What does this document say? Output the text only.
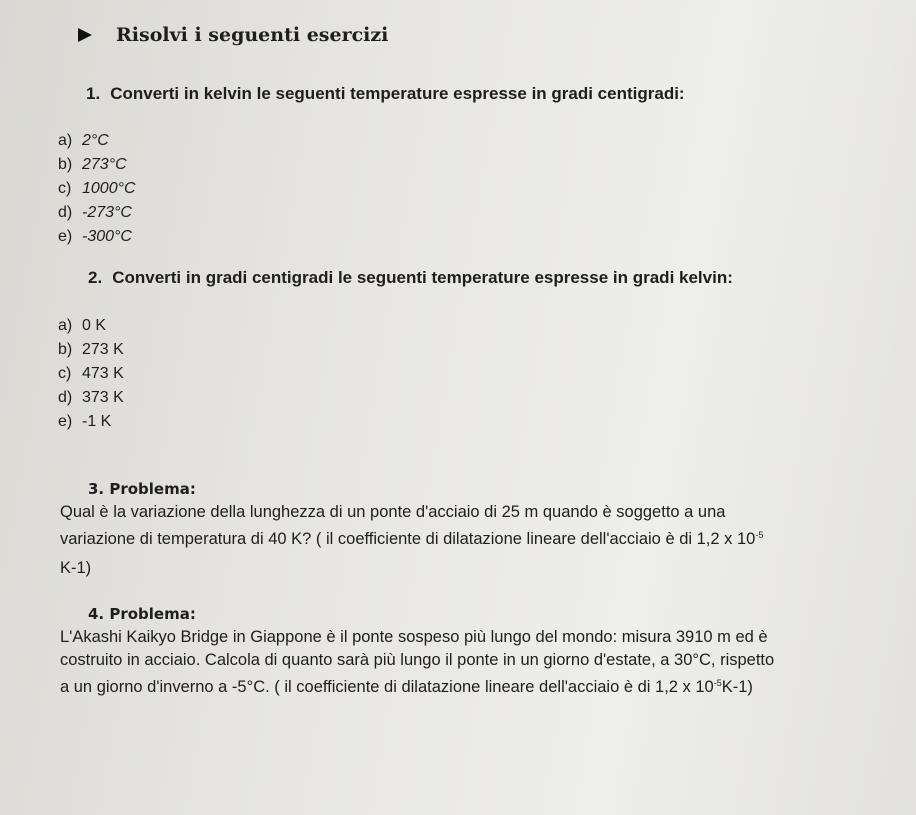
Risolvi i seguenti esercizi
1. Converti in kelvin le seguenti temperature espresse in gradi centigradi:
a) 2°C
b) 273°C
c) 1000°C
d) -273°C
e) -300°C
2. Converti in gradi centigradi le seguenti temperature espresse in gradi kelvin:
a) 0 K
b) 273 K
c) 473 K
d) 373 K
e) -1 K
3. Problema:
Qual è la variazione della lunghezza di un ponte d'acciaio di 25 m quando è soggetto a una
variazione di temperatura di 40 K? ( il coefficiente di dilatazione lineare dell'acciaio è di 1,2 x $10^{-5}$
K-1)
4. Problema:
L'Akashi Kaikyo Bridge in Giappone è il ponte sospeso più lungo del mondo: misura 3910 m ed è
costruito in acciaio. Calcola di quanto sarà più lungo il ponte in un giorno d'estate, a 30°C, rispetto
a un giorno d'inverno a -5°C. ( il coefficiente di dilatazione lineare dell'acciaio è di 1,2 x $10^{-5}K-1$)
